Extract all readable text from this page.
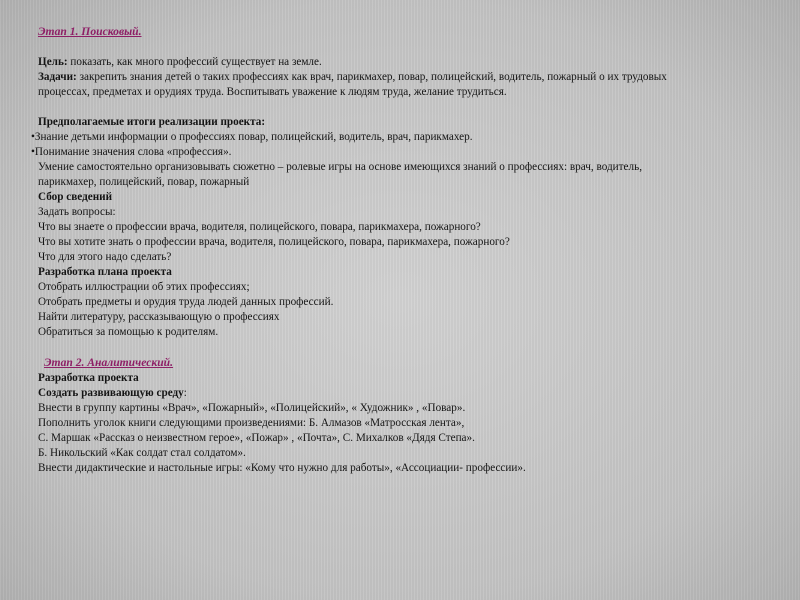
Этап 1. Поисковый.
Цель: показать, как много профессий существует на земле.
Задачи: закрепить знания детей о таких профессиях как врач, парикмахер, повар, полицейский, водитель, пожарный о их трудовых
процессах, предметах и орудиях труда. Воспитывать уважение к людям труда, желание трудиться.
Предполагаемые итоги реализации проекта:
•Знание детьми информации о профессиях повар, полицейский, водитель, врач, парикмахер.
•Понимание значения слова «профессия».
Умение самостоятельно организовывать сюжетно – ролевые игры на основе имеющихся знаний о профессиях: врач, водитель,
парикмахер, полицейский, повар, пожарный
Сбор сведений
Задать вопросы:
Что вы знаете о профессии врача, водителя, полицейского, повара, парикмахера, пожарного?
Что вы хотите знать о профессии врача, водителя, полицейского, повара, парикмахера, пожарного?
Что для этого надо сделать?
Разработка плана проекта
Отобрать иллюстрации об этих профессиях;
Отобрать предметы и орудия труда людей данных профессий.
Найти литературу, рассказывающую о профессиях
Обратиться за помощью к родителям.
Этап 2. Аналитический.
Разработка проекта
Создать развивающую среду:
Внести в группу картины «Врач», «Пожарный», «Полицейский», « Художник» , «Повар».
Пополнить уголок книги следующими произведениями: Б. Алмазов «Матросская лента»,
С. Маршак «Рассказ о неизвестном герое», «Пожар» , «Почта», С. Михалков «Дядя Степа».
Б. Никольский «Как солдат стал солдатом».
Внести дидактические и настольные игры: «Кому что нужно для работы», «Ассоциации- профессии».
